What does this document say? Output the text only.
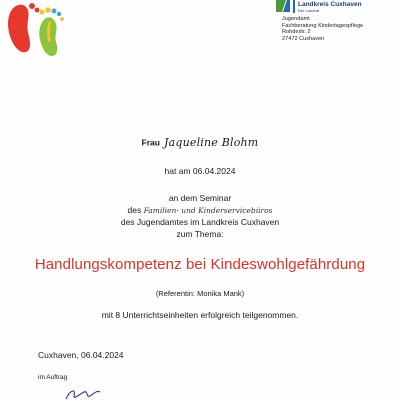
Landkreis Cuxhaven
Der Landrat
Jugendamt
Fachberatung Kindertagespflege
Rohdestr. 2
27472 Cuxhaven
Frau Jaqueline Blohm
hat am 06.04.2024
an dem Seminar
des Familien- und Kinderservicebüros
des Jugendamtes im Landkreis Cuxhaven
zum Thema:
Handlungskompetenz bei Kindeswohlgefährdung
(Referentin: Monika Mank)
mit 8 Unterrichtseinheiten erfolgreich teilgenommen.
Cuxhaven, 06.04.2024
im Auftrag
